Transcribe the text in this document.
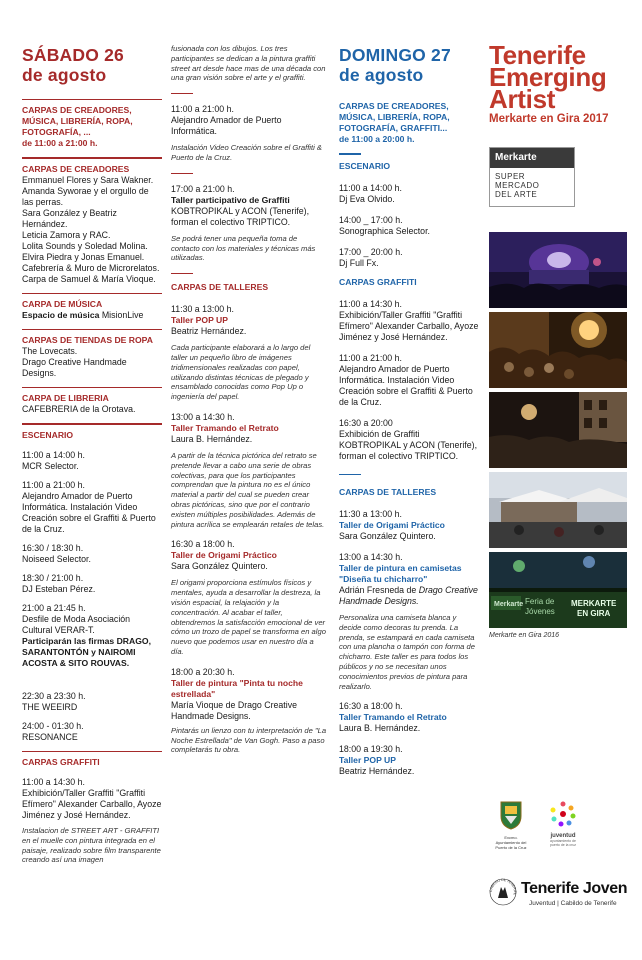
SÁBADO 26
de agosto
CARPAS DE CREADORES, MÚSICA, LIBRERÍA, ROPA, FOTOGRAFÍA, ...
de 11:00 a 21:00 h.
CARPAS DE CREADORES
Emmanuel Flores y Sara Wakner.
Amanda Syworae y el orgullo de las perras.
Sara González y Beatriz Hernández.
Leticia Zamora y RAC.
Lolita Sounds y Soledad Molina.
Elvira Piedra y Jonas Emanuel.
Cafebrería & Muro de Microrelatos.
Carpa de Samuel & María Vioque.
CARPA DE MÚSICA
Espacio de música MisionLive
CARPAS DE TIENDAS DE ROPA
The Lovecats.
Drago Creative Handmade Designs.
CARPA DE LIBRERIA
CAFEBRERIA de la Orotava.
ESCENARIO
11:00 a 14:00 h.
MCR Selector.
11:00 a 21:00 h.
Alejandro Amador de Puerto Informática. Instalación Video Creación sobre el Graffiti & Puerto de la Cruz.
16:30 / 18:30 h.
Noiseed Selector.
18:30 / 21:00 h.
DJ Esteban Pérez.
21:00 a 21:45 h.
Desfile de Moda Asociación Cultural VERAR-T.
Participarán las firmas DRAGO, SARANTONTÓN y NAIROMI ACOSTA & SITO ROUVAS.
22:30 a 23:30 h.
THE WEEIRD
24:00 - 01:30 h.
RESONANCE
CARPAS GRAFFITI
11:00 a 14:30 h.
Exhibición/Taller Graffiti "Graffiti Efímero" Alexander Carballo, Ayoze Jiménez y José Hernández.
Instalacion de STREET ART - GRAFFITI en el muelle con pintura integrada en el paisaje, realizado sobre film transparente creando así una imagen
fusionada con los dibujos. Los tres participantes se dedican a la pintura graffiti street art desde hace mas de una década con una gran visión sobre el arte y el graffiti.
11:00 a 21:00 h.
Alejandro Amador de Puerto Informática.
Instalación Video Creación sobre el Graffiti & Puerto de la Cruz.
17:00 a 21:00 h.
Taller participativo de Graffiti
KOBTROPIKAL y ACON (Tenerife), forman el colectivo TRIPTICO.
Se podrá tener una pequeña toma de contacto con los materiales y técnicas más utilizadas.
CARPAS DE TALLERES
11:30 a 13:00 h.
Taller POP UP
Beatriz Hernández.
Cada participante elaborará a lo largo del taller un pequeño libro de imágenes tridimensionales realizadas con papel, utilizando distintas técnicas de plegado y ensamblado conocidas como Pop Up o ingeniería del papel.
13:00 a 14:30 h.
Taller Tramando el Retrato
Laura B. Hernández.
A partir de la técnica pictórica del retrato se pretende llevar a cabo una serie de obras colectivas, para que los participantes comprendan que la pintura no es el único material a partir del cual se pueden crear obras pictóricas, sino que por el contrario existen múltiples posibilidades. Además de pintura acrílica se emplearán retales de telas.
16:30 a 18:00 h.
Taller de Origami Práctico
Sara González Quintero.
El origami proporciona estímulos físicos y mentales, ayuda a desarrollar la destreza, la visión espacial, la relajación y la concentración. Al acabar el taller, obtendremos la satisfacción emocional de ver cómo un trozo de papel se transforma en algo nuevo que podemos usar en nuestro día a día.
18:00 a 20:30 h.
Taller de pintura "Pinta tu noche estrellada"
María Vioque de Drago Creative Handmade Designs.
Pintarás un lienzo con tu interpretación de "La Noche Estrellada" de Van Gogh. Paso a paso completarás tu obra.
DOMINGO 27
de agosto
CARPAS DE CREADORES, MÚSICA, LIBRERÍA, ROPA, FOTOGRAFÍA, GRAFFITI...
de 11:00 a 20:00 h.
ESCENARIO
11:00 a 14:00 h.
Dj Eva Olvido.
14:00 _ 17:00 h.
Sonographica Selector.
17:00 _ 20:00 h.
Dj Full Fx.
CARPAS GRAFFITI
11:00 a 14:30 h.
Exhibición/Taller Graffiti "Graffiti Efímero" Alexander Carballo, Ayoze Jiménez y José Hernández.
11:00 a 21:00 h.
Alejandro Amador de Puerto Informática. Instalación Video Creación sobre el Graffiti & Puerto de la Cruz.
16:30 a 20:00
Exhibición de Graffiti KOBTROPIKAL y ACON (Tenerife), forman el colectivo TRIPTICO.
CARPAS DE TALLERES
11:30 a 13:00 h.
Taller de Origami Práctico
Sara González Quintero.
13:00 a 14:30 h.
Taller de pintura en camisetas "Diseña tu chicharro"
Adrián Fresneda de Drago Creative Handmade Designs.
Personaliza una camiseta blanca y decide como decoras tu prenda. La prenda, se estampará en cada camiseta con una plancha o tampón con forma de chicharro. Este taller es para todos los públicos y no se necesitan unos conocimientos previos de pintura para realizarlo.
16:30 a 18:00 h.
Taller Tramando el Retrato
Laura B. Hernández.
18:00 a 19:30 h.
Taller POP UP
Beatriz Hernández.
Tenerife
Emerging
Artist
Merkarte en Gira 2017
Merkarte
SUPER
MERCADO
DEL ARTE
Merkarte Feria de
Jóvenes
MERKARTE
EN GIRA
Merkarte en Gira 2016
Excmo. Ayuntamiento del Puerto de la Cruz
juventud
ayuntamiento de puerto de la cruz
CABILDO DE TENERIFE Tenerife Joven
Juventud | Cabildo de Tenerife
